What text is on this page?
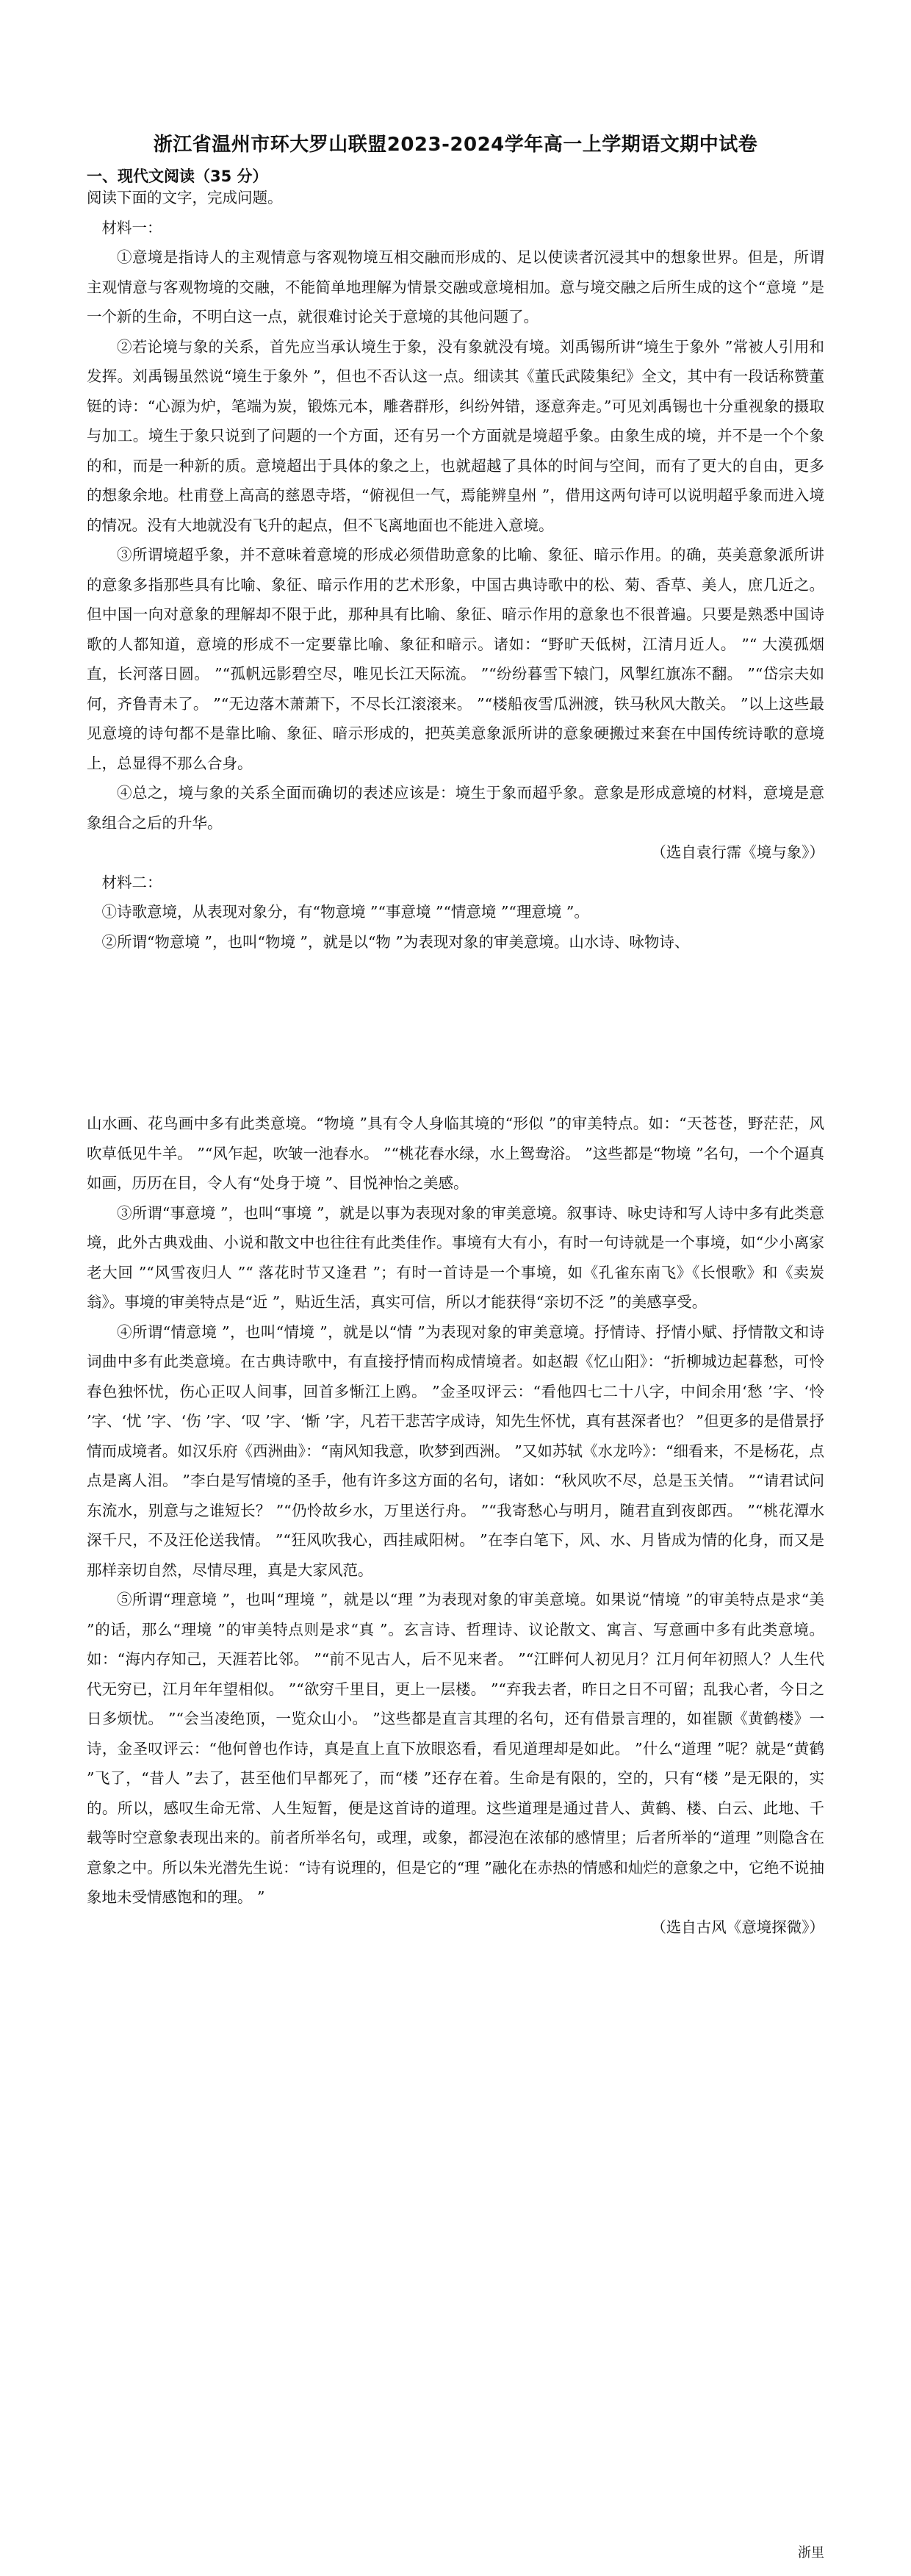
浙江省温州市环大罗山联盟2023-2024学年高一上学期语文期中试卷
一、现代文阅读（35 分）

阅读下面的文字，完成问题。

材料一：

①意境是指诗人的主观情意与客观物境互相交融而形成的、足以使读者沉浸其中的想象世界。但是，所谓主观情意与客观物境的交融，不能简单地理解为情景交融或意境相加。意与境交融之后所生成的这个“意境 ”是一个新的生命，不明白这一点，就很难讨论关于意境的其他问题了。

②若论境与象的关系，首先应当承认境生于象，没有象就没有境。刘禹锡所讲“境生于象外 ”常被人引用和发挥。刘禹锡虽然说“境生于象外 ”，但也不否认这一点。细读其《董氏武陵集纪》全文，其中有一段话称赞董铤的诗：“心源为炉，笔端为炭，锻炼元本，雕砻群形，纠纷舛错，逐意奔走。”可见刘禹锡也十分重视象的摄取与加工。境生于象只说到了问题的一个方面，还有另一个方面就是境超乎象。由象生成的境，并不是一个个象的和，而是一种新的质。意境超出于具体的象之上，也就超越了具体的时间与空间，而有了更大的自由，更多的想象余地。杜甫登上高高的慈恩寺塔，“俯视但一气，焉能辨皇州 ”，借用这两句诗可以说明超乎象而进入境的情况。没有大地就没有飞升的起点，但不飞离地面也不能进入意境。

③所谓境超乎象，并不意味着意境的形成必须借助意象的比喻、象征、暗示作用。的确，英美意象派所讲的意象多指那些具有比喻、象征、暗示作用的艺术形象，中国古典诗歌中的松、菊、香草、美人，庶几近之。但中国一向对意象的理解却不限于此，那种具有比喻、象征、暗示作用的意象也不很普遍。只要是熟悉中国诗歌的人都知道，意境的形成不一定要靠比喻、象征和暗示。诸如：“野旷天低树，江清月近人。 ”“ 大漠孤烟直，长河落日圆。 ”“孤帆远影碧空尽，唯见长江天际流。 ”“纷纷暮雪下辕门，风掣红旗冻不翻。 ”“岱宗夫如何，齐鲁青未了。 ”“无边落木萧萧下，不尽长江滚滚来。 ”“楼船夜雪瓜洲渡，铁马秋风大散关。 ”以上这些最见意境的诗句都不是靠比喻、象征、暗示形成的，把英美意象派所讲的意象硬搬过来套在中国传统诗歌的意境上，总显得不那么合身。

④总之，境与象的关系全面而确切的表述应该是：境生于象而超乎象。意象是形成意境的材料，意境是意象组合之后的升华。

（选自袁行霈《境与象》）

材料二：

①诗歌意境，从表现对象分，有“物意境 ”“事意境 ”“情意境 ”“理意境 ”。

②所谓“物意境 ”，也叫“物境 ”，就是以“物 ”为表现对象的审美意境。山水诗、咏物诗、

山水画、花鸟画中多有此类意境。“物境 ”具有令人身临其境的“形似 ”的审美特点。如：“天苍苍，野茫茫，风吹草低见牛羊。 ”“风乍起，吹皱一池春水。 ”“桃花春水绿，水上鸳鸯浴。 ”这些都是“物境 ”名句，一个个逼真如画，历历在目，令人有“处身于境 ”、目悦神怡之美感。

③所谓“事意境 ”，也叫“事境 ”，就是以事为表现对象的审美意境。叙事诗、咏史诗和写人诗中多有此类意境，此外古典戏曲、小说和散文中也往往有此类佳作。事境有大有小，有时一句诗就是一个事境，如“少小离家老大回 ”“风雪夜归人 ”“ 落花时节又逢君 ”；有时一首诗是一个事境，如《孔雀东南飞》《长恨歌》和《卖炭翁》。事境的审美特点是“近 ”，贴近生活，真实可信，所以才能获得“亲切不泛 ”的美感享受。

④所谓“情意境 ”，也叫“情境 ”，就是以“情 ”为表现对象的审美意境。抒情诗、抒情小赋、抒情散文和诗词曲中多有此类意境。在古典诗歌中，有直接抒情而构成情境者。如赵嘏《忆山阳》：“折柳城边起暮愁，可怜春色独怀忧，伤心正叹人间事，回首多惭江上鸥。 ”金圣叹评云：“看他四七二十八字，中间余用‘愁 ’字、‘怜 ’字、‘忧 ’字、‘伤 ’字、‘叹 ’字、‘惭 ’字，凡若干悲苦字成诗，知先生怀忧，真有甚深者也？ ”但更多的是借景抒情而成境者。如汉乐府《西洲曲》：“南风知我意，吹梦到西洲。 ”又如苏轼《水龙吟》：“细看来，不是杨花，点点是离人泪。 ”李白是写情境的圣手，他有许多这方面的名句，诸如：“秋风吹不尽，总是玉关情。 ”“请君试问东流水，别意与之谁短长？ ”“仍怜故乡水，万里送行舟。 ”“我寄愁心与明月，随君直到夜郎西。 ”“桃花潭水深千尺，不及汪伦送我情。 ”“狂风吹我心，西挂咸阳树。 ”在李白笔下，风、水、月皆成为情的化身，而又是那样亲切自然，尽情尽理，真是大家风范。

⑤所谓“理意境 ”，也叫“理境 ”，就是以“理 ”为表现对象的审美意境。如果说“情境 ”的审美特点是求“美 ”的话，那么“理境 ”的审美特点则是求“真 ”。玄言诗、哲理诗、议论散文、寓言、写意画中多有此类意境。如：“海内存知己，天涯若比邻。 ”“前不见古人，后不见来者。 ”“江畔何人初见月？江月何年初照人？人生代代无穷已，江月年年望相似。 ”“欲穷千里目，更上一层楼。 ”“弃我去者，昨日之日不可留；乱我心者，今日之日多烦忧。 ”“会当凌绝顶，一览众山小。 ”这些都是直言其理的名句，还有借景言理的，如崔颢《黄鹤楼》一诗，金圣叹评云：“他何曾也作诗，真是直上直下放眼恣看，看见道理却是如此。 ”什么“道理 ”呢？就是“黄鹤 ”飞了，“昔人 ”去了，甚至他们早都死了，而“楼 ”还存在着。生命是有限的，空的，只有“楼 ”是无限的，实的。所以，感叹生命无常、人生短暂，便是这首诗的道理。这些道理是通过昔人、黄鹤、楼、白云、此地、千载等时空意象表现出来的。前者所举名句，或理，或象，都浸泡在浓郁的感情里；后者所举的“道理 ”则隐含在意象之中。所以朱光潜先生说：“诗有说理的，但是它的“理 ”融化在赤热的情感和灿烂的意象之中，它绝不说抽象地未受情感饱和的理。 ”

（选自古风《意境探微》）

浙里
